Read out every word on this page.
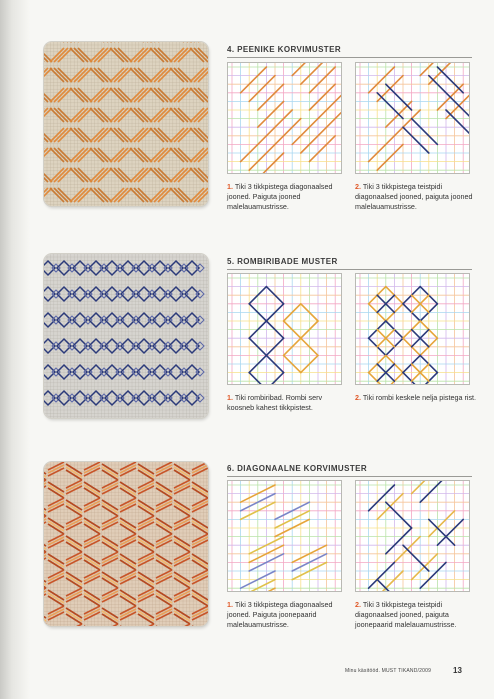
4. PEENIKE KORVIMUSTER
1. Tiki 3 tikkpistega diagonaalsed jooned. Paiguta jooned malelauamustrisse.
2. Tiki 3 tikkpistega teistpidi diagonaalsed jooned, paiguta jooned malelauamustrisse.
5. ROMBIRIBADE MUSTER
1. Tiki rombiribad. Rombi serv koosneb kahest tikkpistest.
2. Tiki rombi keskele nelja pistega rist.
6. DIAGONAALNE KORVIMUSTER
1. Tiki 3 tikkpistega diagonaalsed jooned. Paiguta joonepaarid malelauamustrisse.
2. Tiki 3 tikkpistega teistpidi diagonaalsed jooned, paiguta joonepaarid malelauamustrisse.
Minu käsitööd. MUST TIKAND/2009	13
